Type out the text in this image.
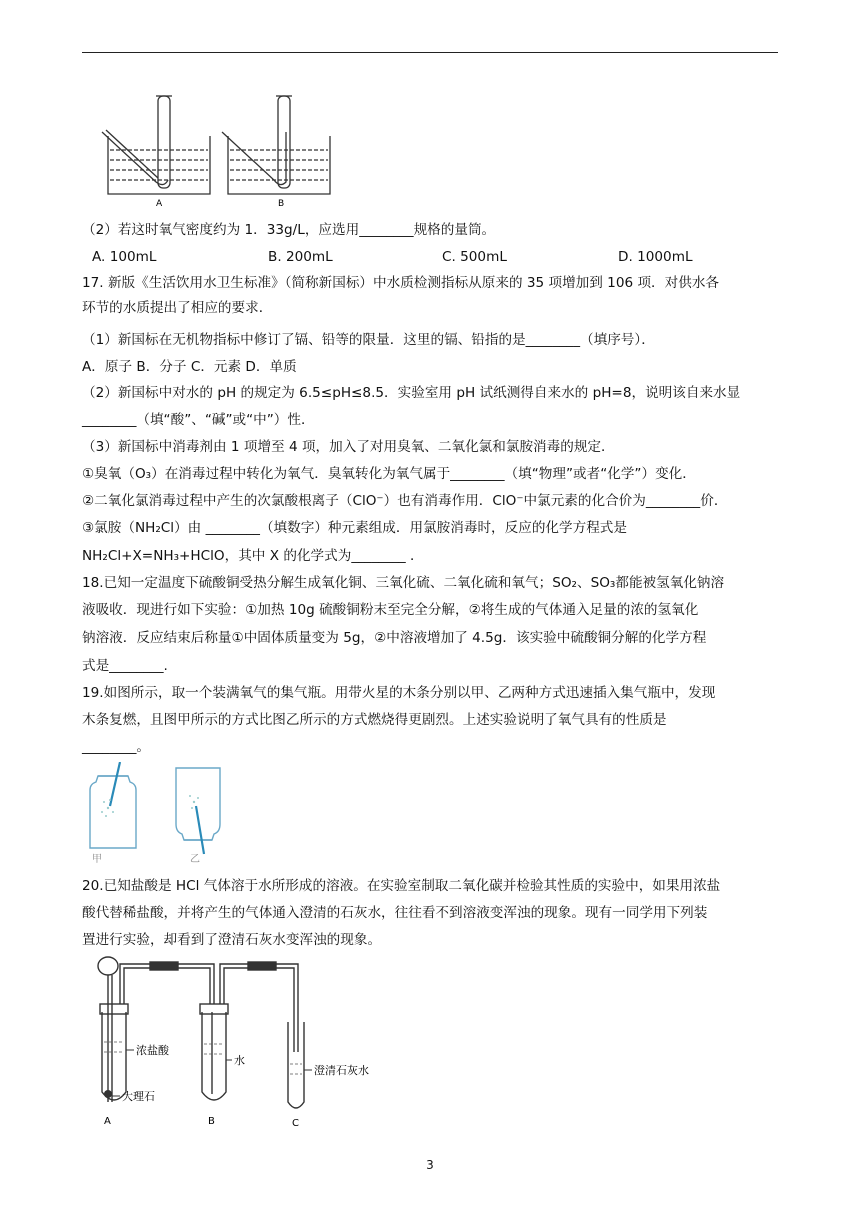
A	B
（2）若这时氧气密度约为 1．33g/L，应选用________规格的量筒。
A. 100mL	B. 200mL	C. 500mL	D. 1000mL
17. 新版《生活饮用水卫生标准》（简称新国标）中水质检测指标从原来的 35 项增加到 106 项．对供水各
环节的水质提出了相应的要求．
（1）新国标在无机物指标中修订了镉、铅等的限量．这里的镉、铅指的是________（填序号）．
A．原子 B．分子 C．元素 D．单质
（2）新国标中对水的 pH 的规定为 6.5≤pH≤8.5．实验室用 pH 试纸测得自来水的 pH=8，说明该自来水显
________（填“酸”、“碱”或“中”）性．
（3）新国标中消毒剂由 1 项增至 4 项，加入了对用臭氧、二氧化氯和氯胺消毒的规定．
①臭氧（O₃）在消毒过程中转化为氧气．臭氧转化为氧气属于________（填“物理”或者“化学”）变化．
②二氧化氯消毒过程中产生的次氯酸根离子（ClO⁻）也有消毒作用．ClO⁻中氯元素的化合价为________价．
③氯胺（NH₂Cl）由 ________（填数字）种元素组成．用氯胺消毒时，反应的化学方程式是
NH₂Cl+X=NH₃+HClO，其中 X 的化学式为________ ．
18.已知一定温度下硫酸铜受热分解生成氧化铜、三氧化硫、二氧化硫和氧气；SO₂、SO₃都能被氢氧化钠溶
液吸收．现进行如下实验：①加热 10g 硫酸铜粉末至完全分解，②将生成的气体通入足量的浓的氢氧化
钠溶液．反应结束后称量①中固体质量变为 5g，②中溶液增加了 4.5g．该实验中硫酸铜分解的化学方程
式是________.
19.如图所示，取一个装满氧气的集气瓶。用带火星的木条分别以甲、乙两种方式迅速插入集气瓶中，发现
木条复燃，且图甲所示的方式比图乙所示的方式燃烧得更剧烈。上述实验说明了氧气具有的性质是
________。
甲	乙
20.已知盐酸是 HCl 气体溶于水所形成的溶液。在实验室制取二氧化碳并检验其性质的实验中，如果用浓盐
酸代替稀盐酸，并将产生的气体通入澄清的石灰水，往往看不到溶液变浑浊的现象。现有一同学用下列装
置进行实验，却看到了澄清石灰水变浑浊的现象。
浓盐酸
大理石
水
澄清石灰水
A	B	C
3
